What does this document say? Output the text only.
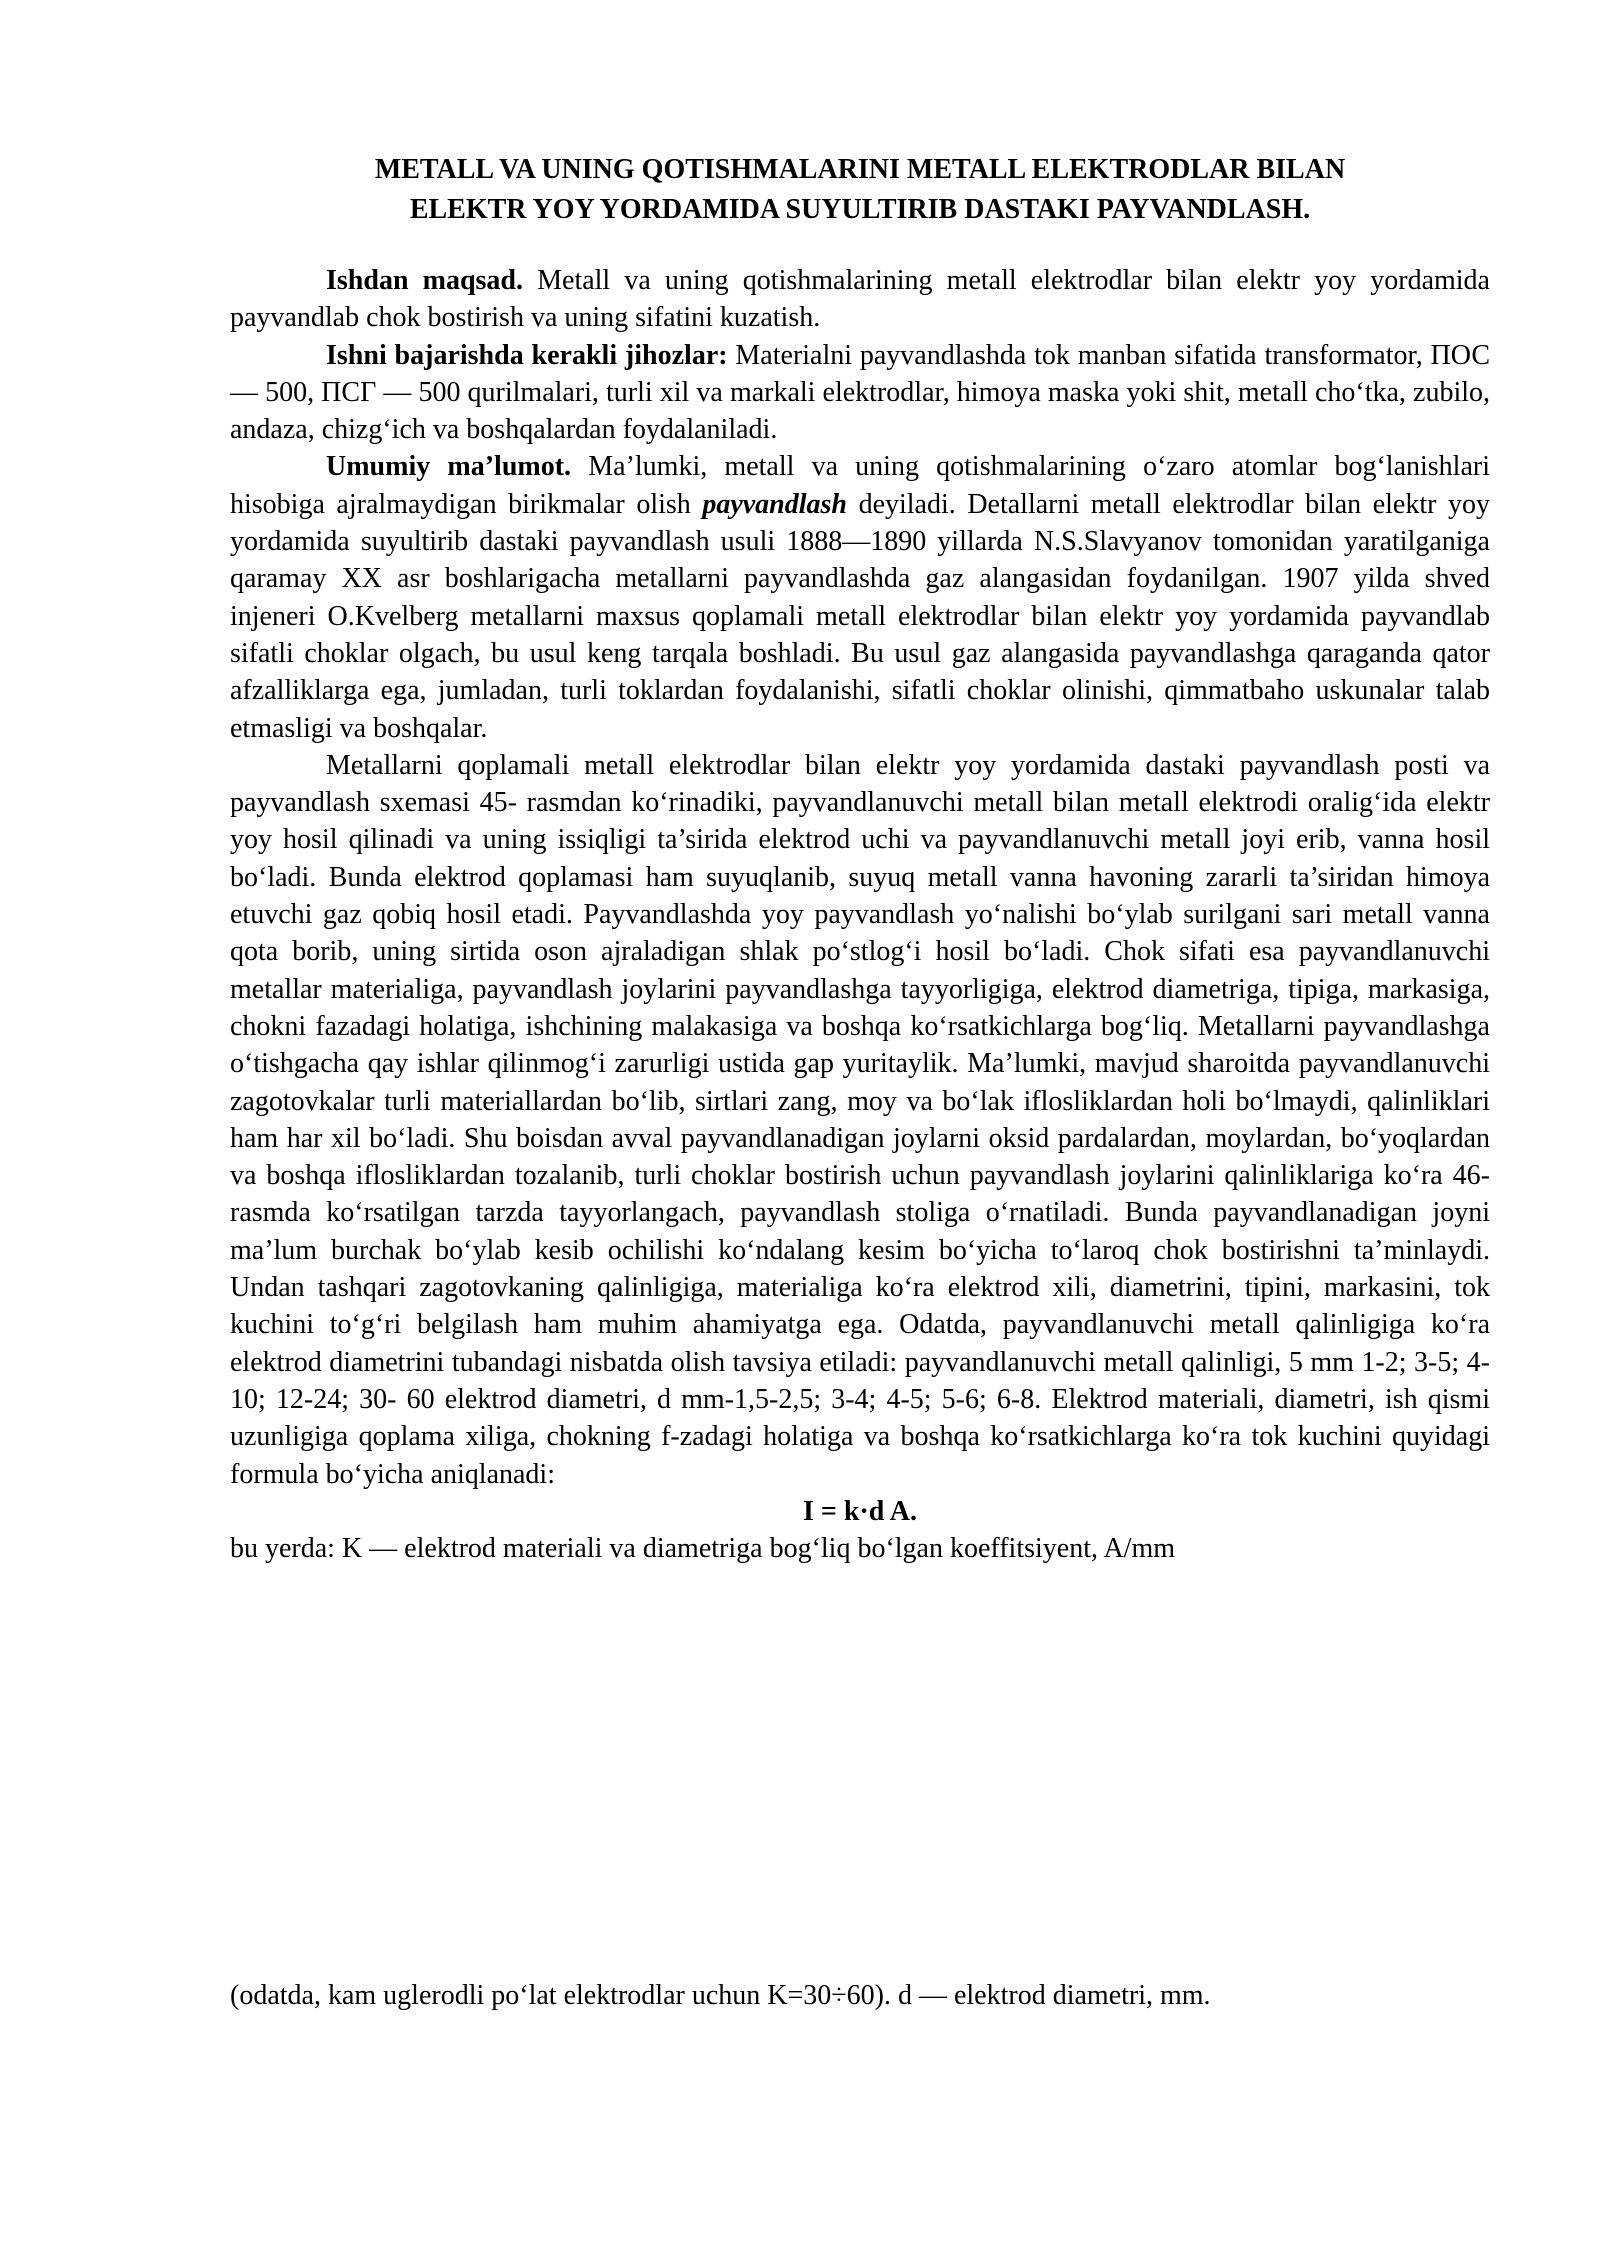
METALL VA UNING QOTISHMALARINI METALL ELEKTRODLAR BILAN
ELEKTR YOY YORDAMIDA SUYULTIRIB DASTAKI PAYVANDLASH.

Ishdan maqsad. Metall va uning qotishmalarining metall elektrodlar bilan elektr yoy yordamida payvandlab chok bostirish va uning sifatini kuzatish.

Ishni bajarishda kerakli jihozlar: Materialni payvandlashda tok manban sifatida transformator, ПОС — 500, ПСГ — 500 qurilmalari, turli xil va markali elektrodlar, himoya maska yoki shit, metall cho‘tka, zubilo, andaza, chizg‘ich va boshqalardan foydalaniladi.

Umumiy ma’lumot. Ma’lumki, metall va uning qotishmalarining o‘zaro atomlar bog‘lanishlari hisobiga ajralmaydigan birikmalar olish payvandlash deyiladi. Detallarni metall elektrodlar bilan elektr yoy yordamida suyultirib dastaki payvandlash usuli 1888—1890 yillarda N.S.Slavyanov tomonidan yaratilganiga qaramay XX asr boshlarigacha metallarni payvandlashda gaz alangasidan foydanilgan. 1907 yilda shved injeneri O.Kvelberg metallarni maxsus qoplamali metall elektrodlar bilan elektr yoy yordamida payvandlab sifatli choklar olgach, bu usul keng tarqala boshladi. Bu usul gaz alangasida payvandlashga qaraganda qator afzalliklarga ega, jumladan, turli toklardan foydalanishi, sifatli choklar olinishi, qimmatbaho uskunalar talab etmasligi va boshqalar.

Metallarni qoplamali metall elektrodlar bilan elektr yoy yordamida dastaki payvandlash posti va payvandlash sxemasi 45- rasmdan ko‘rinadiki, payvandlanuvchi metall bilan metall elektrodi oralig‘ida elektr yoy hosil qilinadi va uning issiqligi ta’sirida elektrod uchi va payvandlanuvchi metall joyi erib, vanna hosil bo‘ladi. Bunda elektrod qoplamasi ham suyuqlanib, suyuq metall vanna havoning zararli ta’siridan himoya etuvchi gaz qobiq hosil etadi. Payvandlashda yoy payvandlash yo‘nalishi bo‘ylab surilgani sari metall vanna qota borib, uning sirtida oson ajraladigan shlak po‘stlog‘i hosil bo‘ladi. Chok sifati esa payvandlanuvchi metallar materialiga, payvandlash joylarini payvandlashga tayyorligiga, elektrod diametriga, tipiga, markasiga, chokni fazadagi holatiga, ishchining malakasiga va boshqa ko‘rsatkichlarga bog‘liq. Metallarni payvandlashga o‘tishgacha qay ishlar qilinmog‘i zarurligi ustida gap yuritaylik. Ma’lumki, mavjud sharoitda payvandlanuvchi zagotovkalar turli materiallardan bo‘lib, sirtlari zang, moy va bo‘lak iflosliklardan holi bo‘lmaydi, qalinliklari ham har xil bo‘ladi. Shu boisdan avval payvandlanadigan joylarni oksid pardalardan, moylardan, bo‘yoqlardan va boshqa iflosliklardan tozalanib, turli choklar bostirish uchun payvandlash joylarini qalinliklariga ko‘ra 46-rasmda ko‘rsatilgan tarzda tayyorlangach, payvandlash stoliga o‘rnatiladi. Bunda payvandlanadigan joyni ma’lum burchak bo‘ylab kesib ochilishi ko‘ndalang kesim bo‘yicha to‘laroq chok bostirishni ta’minlaydi. Undan tashqari zagotovkaning qalinligiga, materialiga ko‘ra elektrod xili, diametrini, tipini, markasini, tok kuchini to‘g‘ri belgilash ham muhim ahamiyatga ega. Odatda, payvandlanuvchi metall qalinligiga ko‘ra elektrod diametrini tubandagi nisbatda olish tavsiya etiladi: payvandlanuvchi metall qalinligi, 5 mm 1-2; 3-5; 4-10; 12-24; 30- 60 elektrod diametri, d mm-1,5-2,5; 3-4; 4-5; 5-6; 6-8. Elektrod materiali, diametri, ish qismi uzunligiga qoplama xiliga, chokning f-zadagi holatiga va boshqa ko‘rsatkichlarga ko‘ra tok kuchini quyidagi formula bo‘yicha aniqlanadi:

I = k·d A.

bu yerda: K — elektrod materiali va diametriga bog‘liq bo‘lgan koeffitsiyent, A/mm

(odatda, kam uglerodli po‘lat elektrodlar uchun K=30÷60). d — elektrod diametri, mm.
